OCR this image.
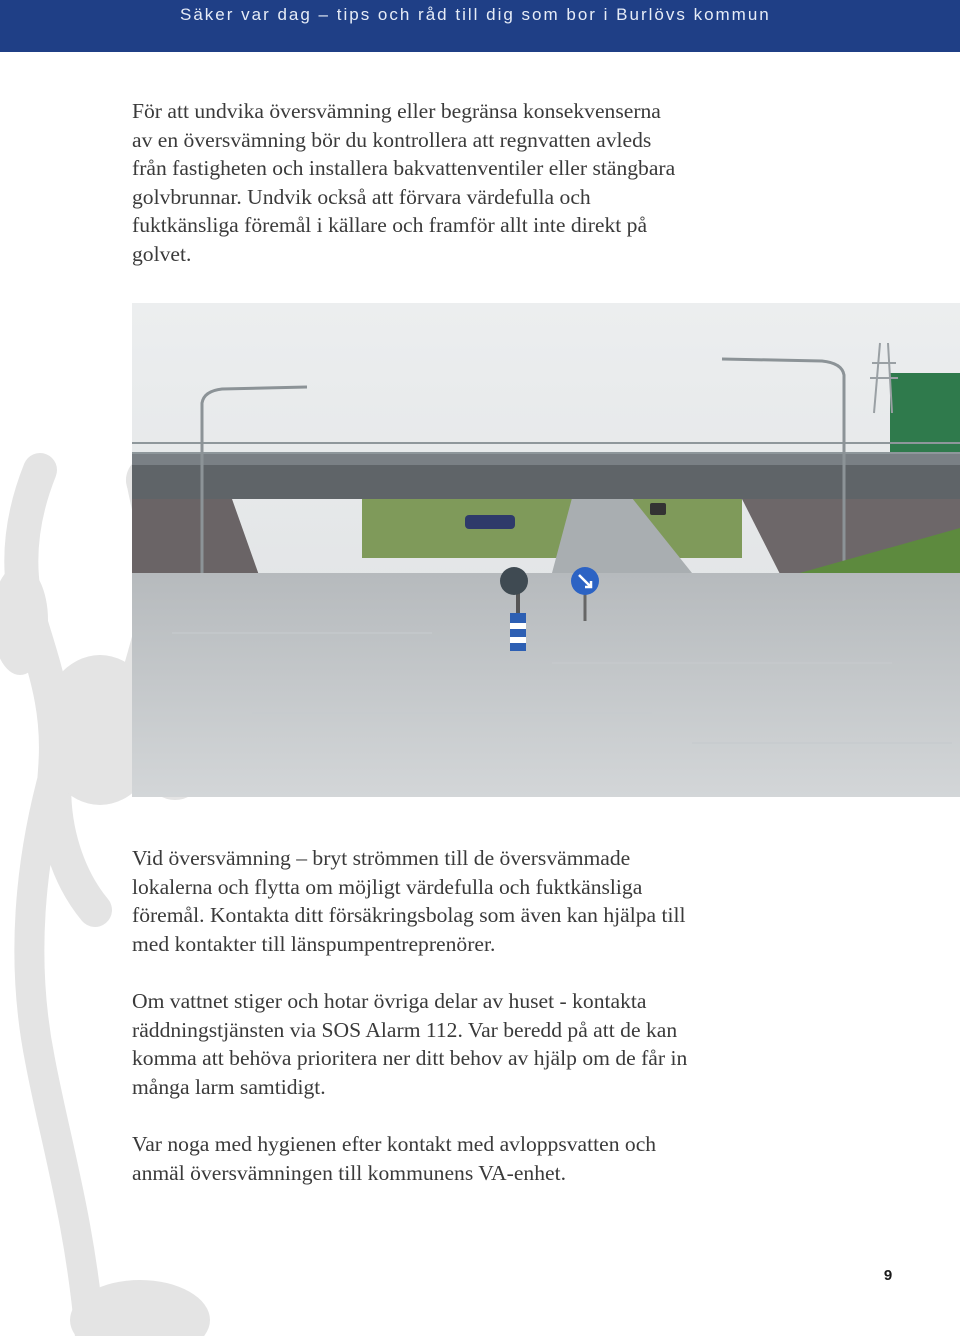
Säker var dag – tips och råd till dig som bor i Burlövs kommun
För att undvika översvämning eller begränsa konsekvenserna
av en översvämning bör du kontrollera att regnvatten avleds
från fastigheten och installera bakvattenventiler eller stängbara
golvbrunnar. Undvik också att förvara värdefulla och
fuktkänsliga föremål i källare och framför allt inte direkt på
golvet.
Vid översvämning – bryt strömmen till de översvämmade
lokalerna och flytta om möjligt värdefulla och fuktkänsliga
föremål. Kontakta ditt försäkringsbolag som även kan hjälpa till
med kontakter till länspumpentreprenörer.
Om vattnet stiger och hotar övriga delar av huset - kontakta
räddningstjänsten via SOS Alarm 112. Var beredd på att de kan
komma att behöva prioritera ner ditt behov av hjälp om de får in
många larm samtidigt.
Var noga med hygienen efter kontakt med avloppsvatten och
anmäl översvämningen till kommunens VA-enhet.
9
